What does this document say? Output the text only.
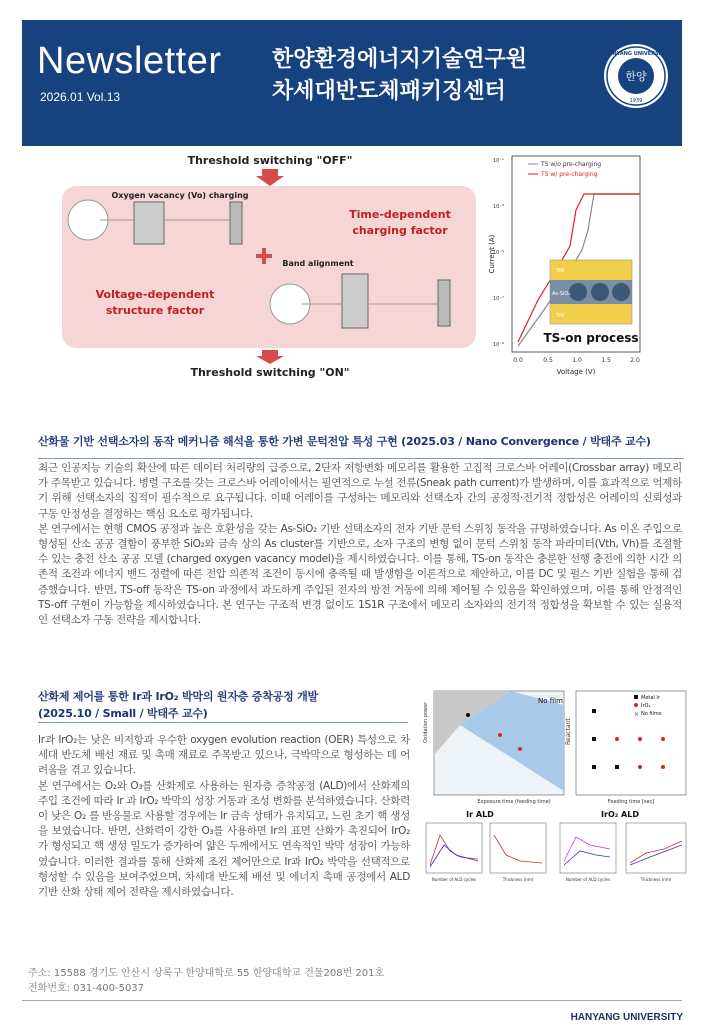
Newsletter
2026.01 Vol.13
한양환경에너지기술연구원
차세대반도체패키징센터
한양
HANYANG UNIVERSITY
1939
Threshold switching "OFF"
Oxygen vacancy (Vo) charging
Time-dependent
charging factor
Band alignment
Voltage-dependent
structure factor
Threshold switching "ON"
10⁻¹
10⁻³
10⁻⁵
10⁻⁷
10⁻⁹
Current (A)
TS w/o pre-charging
TS w/ pre-charging
TiN
As-SiO₂
TiN
TS-on process
0.0	0.5	1.0	1.5	2.0
Voltage (V)
산화물 기반 선택소자의 동작 메커니즘 해석을 통한 가변 문턱전압 특성 구현 (2025.03 / Nano Convergence / 박태주 교수)

최근 인공지능 기술의 확산에 따른 데이터 처리량의 급증으로, 2단자 저항변화 메모리를 활용한 고집적 크로스바 어레이(Crossbar array) 메모리가 주목받고 있습니다. 병렬 구조를 갖는 크로스바 어레이에서는 필연적으로 누설 전류(Sneak path current)가 발생하며, 이를 효과적으로 억제하기 위해 선택소자의 집적이 필수적으로 요구됩니다. 이때 어레이를 구성하는 메모리와 선택소자 간의 공정적·전기적 정합성은 어레이의 신뢰성과 구동 안정성을 결정하는 핵심 요소로 평가됩니다.

본 연구에서는 현행 CMOS 공정과 높은 호환성을 갖는 As-SiO₂ 기반 선택소자의 전자 기반 문턱 스위칭 동작을 규명하였습니다. As 이온 주입으로 형성된 산소 공공 결함이 풍부한 SiO₂와 금속 상의 As cluster를 기반으로, 소자 구조의 변형 없이 문턱 스위칭 동작 파라미터(Vth, Vh)를 조절할 수 있는 충전 산소 공공 모델 (charged oxygen vacancy model)을 제시하였습니다. 이를 통해, TS-on 동작은 충분한 선행 충전에 의한 시간 의존적 조건과 에너지 밴드 정렬에 따른 전압 의존적 조건이 동시에 충족될 때 발생함을 이론적으로 제안하고, 이를 DC 및 펄스 기반 실험을 통해 검증했습니다. 반면, TS-off 동작은 TS-on 과정에서 과도하게 주입된 전자의 방전 거동에 의해 제어될 수 있음을 확인하였으며, 이를 통해 안정적인 TS-off 구현이 가능함을 제시하였습니다. 본 연구는 구조적 변경 없이도 1S1R 구조에서 메모리 소자와의 전기적 정합성을 확보할 수 있는 실용적인 선택소자 구동 전략을 제시합니다.

산화제 제어를 통한 Ir과 IrO₂ 박막의 원자층 증착공정 개발
(2025.10 / Small / 박태주 교수)

Ir과 IrO₂는 낮은 비저항과 우수한 oxygen evolution reaction (OER) 특성으로 차세대 반도체 배선 재료 및 촉매 재료로 주목받고 있으나, 극박막으로 형성하는 데 어려움을 겪고 있습니다.

본 연구에서는 O₂와 O₃를 산화제로 사용하는 원자층 증착공정 (ALD)에서 산화제의 주입 조건에 따라 Ir 과 IrO₂ 박막의 성장 거동과 조성 변화를 분석하였습니다. 산화력이 낮은 O₂ 를 반응물로 사용할 경우에는 Ir 금속 상태가 유지되고, 느린 초기 핵 생성을 보였습니다. 반면, 산화력이 강한 O₃를 사용하면 Ir의 표면 산화가 촉진되어 IrO₂가 형성되고 핵 생성 밀도가 증가하여 얇은 두께에서도 연속적인 박막 성장이 가능하였습니다. 이러한 결과를 통해 산화제 조건 제어만으로 Ir과 IrO₂ 박막을 선택적으로 형성할 수 있음을 보여주었으며, 차세대 반도체 배선 및 에너지 촉매 공정에서 ALD 기반 산화 상태 제어 전략을 제시하였습니다.

No film
Oxidation power
Exposure time (feeding time)
Reactant
Metal Ir
IrO₂
× No films
Feeding time [sec]
Ir ALD	IrO₂ ALD
Number of ALD cycles	Thickness (nm)	Number of ALD cycles	Thickness (nm)
주소: 15588 경기도 안산시 상록구 한양대학로 55 한양대학교 건물208번 201호
전화번호: 031-400-5037
HANYANG UNIVERSITY
